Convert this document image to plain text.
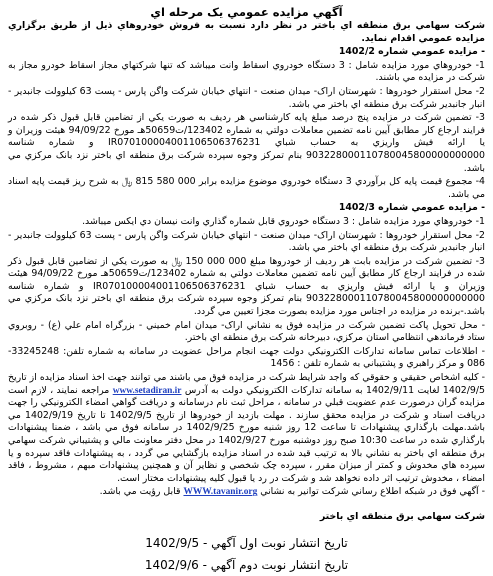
آگهي مزايده عمومي يک مرحله اي

شرکت سهامي برق منطقه اي باختر در نظر دارد نسبت به فروش خودروهاي ذيل از طريق برگزاري مزايده عمومي اقدام نمايد.

- مزايده عمومي شماره 1402/2

1- خودروهاي مورد مزايده شامل : 3 دستگاه خودروي اسقاط وانت ميباشد که تنها شرکتهاي مجاز اسقاط خودرو مجاز به شرکت در مزايده مي باشند.

2- محل استقرار خودروها : شهرستان اراک- ميدان صنعت - انتهاي خيابان شرکت واگن پارس - پست 63 کيلوولت جانبدير - انبار جانبدير شرکت برق منطقه اي باختر مي باشد.

3- تضمين شرکت در مزايده پنج درصد مبلغ پايه کارشناسي هر رديف به صورت يکي از تضامين قابل قبول ذکر شده در فرايند ارجاع کار مطابق آيين نامه تضمين معاملات دولتي به شماره 123402/ت50659هـ مورخ 94/09/22 هيئت وزيران و يا ارائه فيش واريزي به حساب شباي IR070100004001106506376231 و شماره شناسه 903228000110780045800000000000 بنام تمرکز وجوه سپرده شرکت برق منطقه اي باختر نزد بانک مرکزي مي باشد.

4- مجموع قيمت پايه کل برآوردي 3 دستگاه خودروي موضوع مزايده برابر 000 580 815 ﷼ به شرح ريز قيمت پايه اسناد مي باشد.

- مزايده عمومي شماره 1402/3

1- خودروهاي مورد مزايده شامل : 3 دستگاه خودروي قابل شماره گذاري وانت نيسان دي ايکس ميباشد.

2- محل استقرار خودروها : شهرستان اراک- ميدان صنعت - انتهاي خيابان شرکت واگن پارس - پست 63 کيلوولت جانبدير - انبار جانبدير شرکت برق منطقه اي باختر مي باشد.

3- تضمين شرکت در مزايده بابت هر رديف از خودروها مبلغ 000 000 150 ﷼ به صورت يکي از تضامين قابل قبول ذکر شده در فرايند ارجاع کار مطابق آيين نامه تضمين معاملات دولتي به شماره 123402/ت50659هـ مورخ 94/09/22 هيئت وزيران و يا ارائه فيش واريزي به حساب شباي IR070100004001106506376231 و شماره شناسه 903228000110780045800000000000 بنام تمرکز وجوه سپرده شرکت برق منطقه اي باختر نزد بانک مرکزي مي باشد.-برنده در مزايده در اجناس مورد مزايده بصورت مجزا تعيين مي گردد.

- محل تحويل پاکت تضمين شرکت در مزايده فوق به نشاني اراک- ميدان امام خميني - بزرگراه امام علي (ع) - روبروي ستاد فرماندهي انتظامي استان مرکزي، دبيرخانه شرکت برق منطقه اي باختر.

- اطلاعات تماس سامانه تدارکات الکترونيکي دولت جهت انجام مراحل عضويت در سامانه به شماره تلفن: 33245248-086 و مرکز راهبري و پشتيباني به شماره تلفن : 1456

- کليه اشخاص حقيقي و حقوقي که واجد شرايط شرکت در مزايده فوق مي باشند مي توانند جهت اخذ اسناد مزايده از تاريخ 1402/9/5 لغايت 1402/9/11 به سامانه تدارکات الکترونيکي دولت به آدرس www.setadiran.ir مراجعه نمايند ، لازم است مزايده گران درصورت عدم عضويت قبلي در سامانه ، مراحل ثبت نام درسامانه و دريافت گواهي امضاء الکترونيکي را جهت دريافت اسناد و شرکت در مزايده محقق سازند . مهلت بازديد از خودروها از تاريخ 1402/9/5 تا تاريخ 1402/9/19 مي باشد.مهلت بارگذاري پيشنهادات تا ساعت 12 روز شنبه مورخ 1402/9/25 در سامانه فوق مي باشد ، ضمنا پيشنهادات بارگذاري شده در ساعت 10:30 صبح روز دوشنبه مورخ 1402/9/27 در محل دفتر معاونت مالي و پشتيباني شرکت سهامي برق منطقه اي باختر به نشاني بالا به ترتيب قيد شده در اسناد مزايده بازگشايي مي گردد ، به پيشنهادات فاقد سپرده و يا سپرده هاي مخدوش و کمتر از ميزان مقرر ، سپرده چک شخصي و نظاير آن و همچنين پيشنهادات مبهم ، مشروط ، فاقد امضاء ، مخدوش ترتيب اثر داده نخواهد شد و شرکت در رد يا قبول کليه پيشنهادات مختار است.

- آگهي فوق در شبکه اطلاع رساني شرکت توانير به نشاني WWW.tavanir.org قابل رؤيت مي باشد.

شرکت سهامي برق منطقه اي باختر
تاريخ انتشار نوبت اول آگهي - 1402/9/5
تاريخ انتشار نوبت دوم آگهي - 1402/9/6
